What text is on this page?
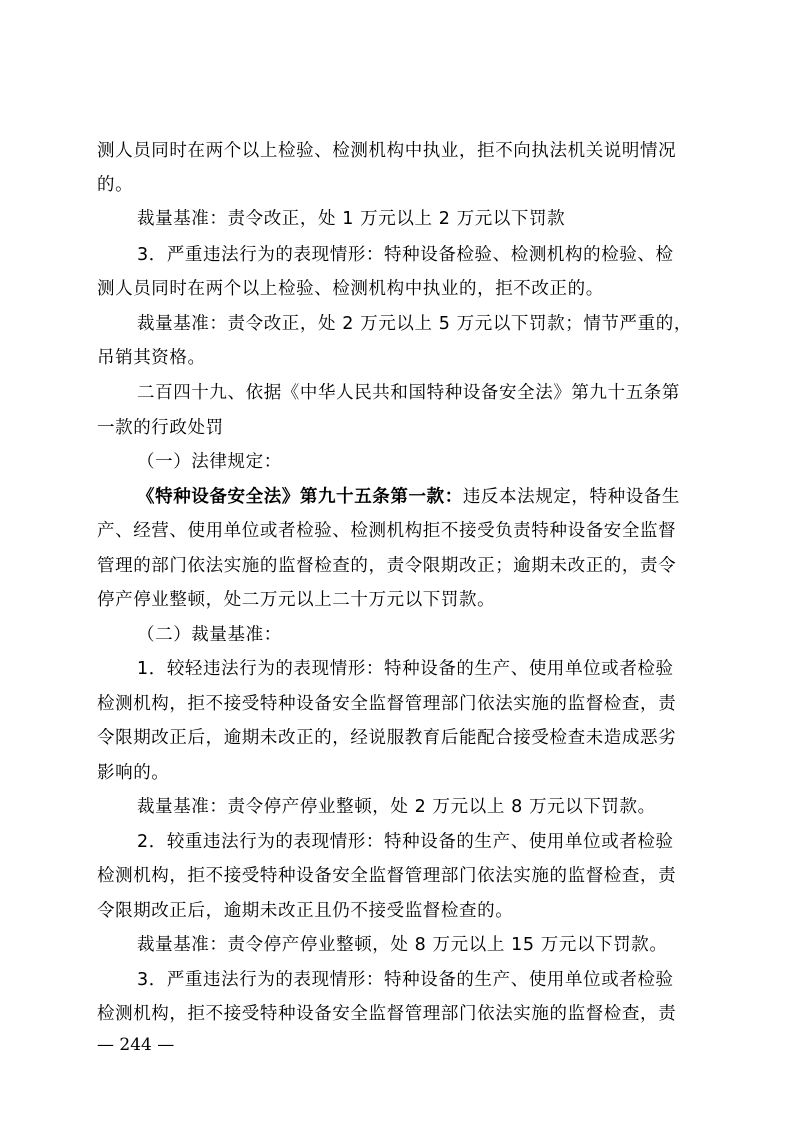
测人员同时在两个以上检验、检测机构中执业，拒不向执法机关说明情况
的。
裁量基准：责令改正，处 1 万元以上 2 万元以下罚款
3．严重违法行为的表现情形：特种设备检验、检测机构的检验、检
测人员同时在两个以上检验、检测机构中执业的，拒不改正的。
裁量基准：责令改正，处 2 万元以上 5 万元以下罚款；情节严重的，
吊销其资格。
二百四十九、依据《中华人民共和国特种设备安全法》第九十五条第
一款的行政处罚
（一）法律规定：
《特种设备安全法》第九十五条第一款：违反本法规定，特种设备生
产、经营、使用单位或者检验、检测机构拒不接受负责特种设备安全监督
管理的部门依法实施的监督检查的，责令限期改正；逾期未改正的，责令
停产停业整顿，处二万元以上二十万元以下罚款。
（二）裁量基准：
1．较轻违法行为的表现情形：特种设备的生产、使用单位或者检验
检测机构，拒不接受特种设备安全监督管理部门依法实施的监督检查，责
令限期改正后，逾期未改正的，经说服教育后能配合接受检查未造成恶劣
影响的。
裁量基准：责令停产停业整顿，处 2 万元以上 8 万元以下罚款。
2．较重违法行为的表现情形：特种设备的生产、使用单位或者检验
检测机构，拒不接受特种设备安全监督管理部门依法实施的监督检查，责
令限期改正后，逾期未改正且仍不接受监督检查的。
裁量基准：责令停产停业整顿，处 8 万元以上 15 万元以下罚款。
3．严重违法行为的表现情形：特种设备的生产、使用单位或者检验
检测机构，拒不接受特种设备安全监督管理部门依法实施的监督检查，责
— 244 —
